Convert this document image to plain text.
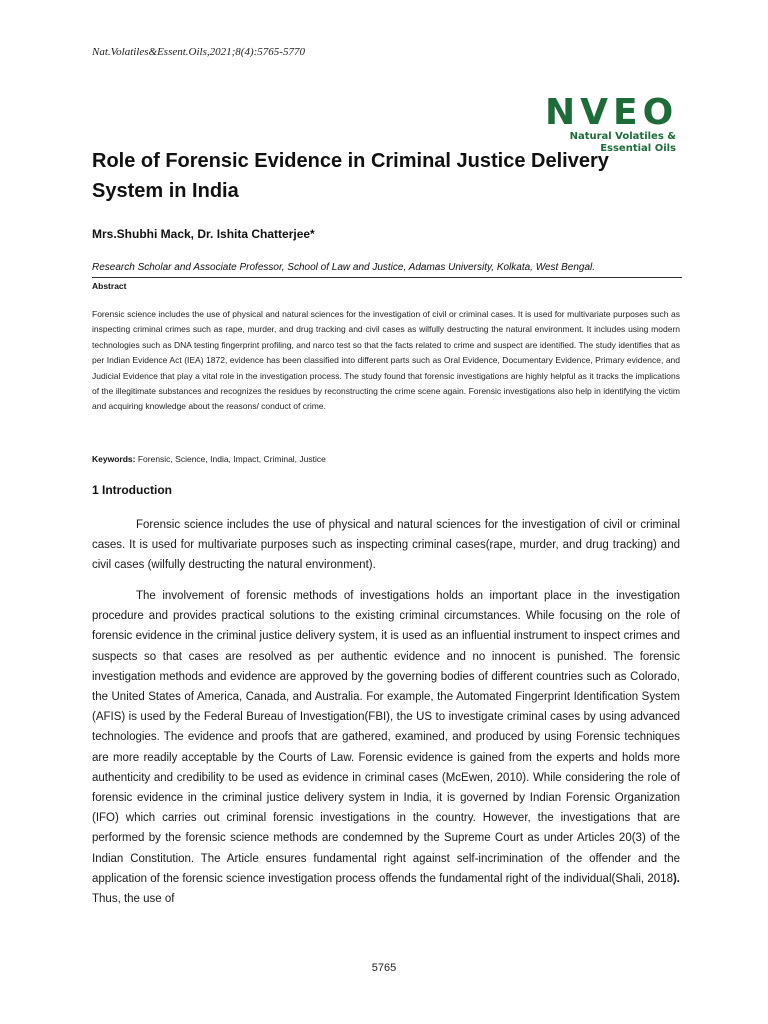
Nat.Volatiles&Essent.Oils,2021;8(4):5765-5770
NVEO
Natural Volatiles &
Essential Oils
Role of Forensic Evidence in Criminal Justice Delivery System in India
Mrs.Shubhi Mack, Dr. Ishita Chatterjee*
Research Scholar and Associate Professor, School of Law and Justice, Adamas University, Kolkata, West Bengal.
Abstract
Forensic science includes the use of physical and natural sciences for the investigation of civil or criminal cases. It is used for multivariate purposes such as inspecting criminal crimes such as rape, murder, and drug tracking and civil cases as wilfully destructing the natural environment. It includes using modern technologies such as DNA testing fingerprint profiling, and narco test so that the facts related to crime and suspect are identified. The study identifies that as per Indian Evidence Act (IEA) 1872, evidence has been classified into different parts such as Oral Evidence, Documentary Evidence, Primary evidence, and Judicial Evidence that play a vital role in the investigation process. The study found that forensic investigations are highly helpful as it tracks the implications of the illegitimate substances and recognizes the residues by reconstructing the crime scene again. Forensic investigations also help in identifying the victim and acquiring knowledge about the reasons/ conduct of crime.
Keywords: Forensic, Science, India, Impact, Criminal, Justice
1 Introduction
Forensic science includes the use of physical and natural sciences for the investigation of civil or criminal cases. It is used for multivariate purposes such as inspecting criminal cases(rape, murder, and drug tracking) and civil cases (wilfully destructing the natural environment).
The involvement of forensic methods of investigations holds an important place in the investigation procedure and provides practical solutions to the existing criminal circumstances. While focusing on the role of forensic evidence in the criminal justice delivery system, it is used as an influential instrument to inspect crimes and suspects so that cases are resolved as per authentic evidence and no innocent is punished. The forensic investigation methods and evidence are approved by the governing bodies of different countries such as Colorado, the United States of America, Canada, and Australia. For example, the Automated Fingerprint Identification System (AFIS) is used by the Federal Bureau of Investigation(FBI), the US to investigate criminal cases by using advanced technologies. The evidence and proofs that are gathered, examined, and produced by using Forensic techniques are more readily acceptable by the Courts of Law. Forensic evidence is gained from the experts and holds more authenticity and credibility to be used as evidence in criminal cases (McEwen, 2010). While considering the role of forensic evidence in the criminal justice delivery system in India, it is governed by Indian Forensic Organization (IFO) which carries out criminal forensic investigations in the country. However, the investigations that are performed by the forensic science methods are condemned by the Supreme Court as under Articles 20(3) of the Indian Constitution. The Article ensures fundamental right against self-incrimination of the offender and the application of the forensic science investigation process offends the fundamental right of the individual(Shali, 2018). Thus, the use of
5765
